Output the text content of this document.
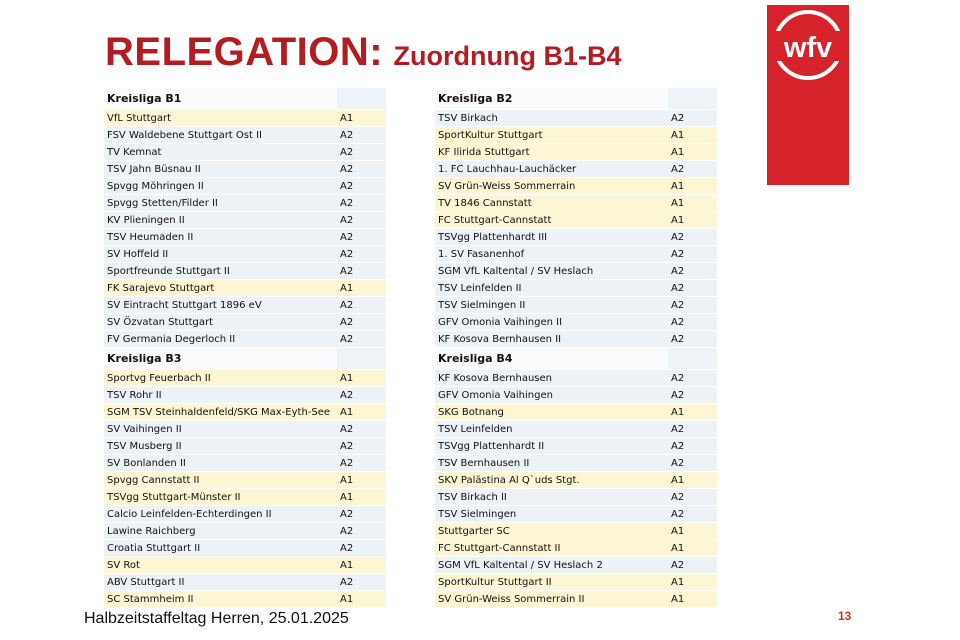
RELEGATION: Zuordnung B1-B4	wfv
Kreisliga B1	
VfL Stuttgart	A1
FSV Waldebene Stuttgart Ost II	A2
TV Kemnat	A2
TSV Jahn Büsnau II	A2
Spvgg Möhringen II	A2
Spvgg Stetten/Filder II	A2
KV Plieningen II	A2
TSV Heumaden II	A2
SV Hoffeld II	A2
Sportfreunde Stuttgart II	A2
FK Sarajevo Stuttgart	A1
SV Eintracht Stuttgart 1896 eV	A2
SV Özvatan Stuttgart	A2
FV Germania Degerloch II	A2
Kreisliga B2	
TSV Birkach	A2
SportKultur Stuttgart	A1
KF Ilirida Stuttgart	A1
1. FC Lauchhau-Lauchäcker	A2
SV Grün-Weiss Sommerrain	A1
TV 1846 Cannstatt	A1
FC Stuttgart-Cannstatt	A1
TSVgg Plattenhardt III	A2
1. SV Fasanenhof	A2
SGM VfL Kaltental / SV Heslach	A2
TSV Leinfelden II	A2
TSV Sielmingen II	A2
GFV Omonia Vaihingen II	A2
KF Kosova Bernhausen II	A2
Kreisliga B3	
Sportvg Feuerbach II	A1
TSV Rohr II	A2
SGM TSV Steinhaldenfeld/SKG Max-Eyth-See	A1
SV Vaihingen II	A2
TSV Musberg II	A2
SV Bonlanden II	A2
Spvgg Cannstatt II	A1
TSVgg Stuttgart-Münster II	A1
Calcio Leinfelden-Echterdingen II	A2
Lawine Raichberg	A2
Croatia Stuttgart II	A2
SV Rot	A1
ABV Stuttgart II	A2
SC Stammheim II	A1
Kreisliga B4	
KF Kosova Bernhausen	A2
GFV Omonia Vaihingen	A2
SKG Botnang	A1
TSV Leinfelden	A2
TSVgg Plattenhardt II	A2
TSV Bernhausen II	A2
SKV Palästina Al Q`uds Stgt.	A1
TSV Birkach II	A2
TSV Sielmingen	A2
Stuttgarter SC	A1
FC Stuttgart-Cannstatt II	A1
SGM VfL Kaltental / SV Heslach 2	A2
SportKultur Stuttgart II	A1
SV Grün-Weiss Sommerrain II	A1
Halbzeitstaffeltag Herren, 25.01.2025	13
